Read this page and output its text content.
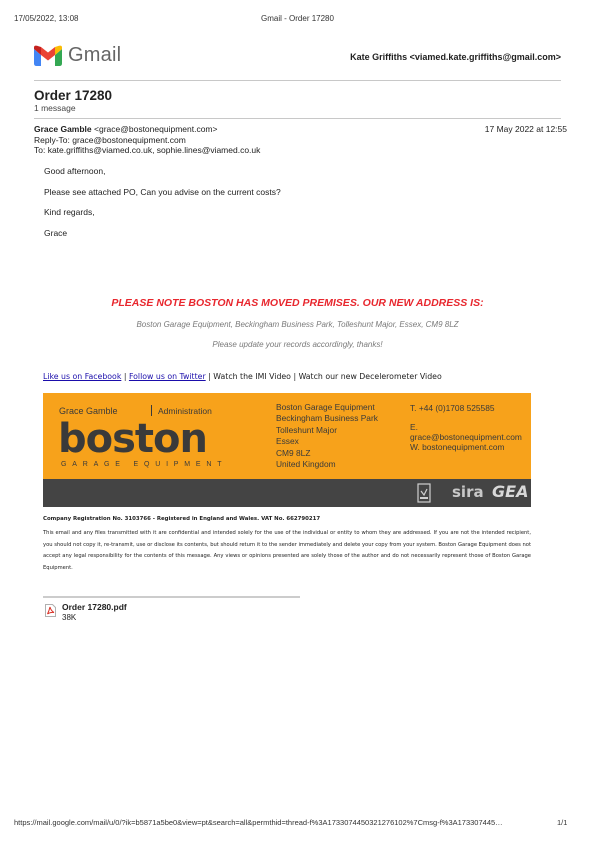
17/05/2022, 13:08	Gmail - Order 17280
Gmail	Kate Griffiths <viamed.kate.griffiths@gmail.com>
Order 17280
1 message
Grace Gamble <grace@bostonequipment.com>	17 May 2022 at 12:55
Reply-To: grace@bostonequipment.com
To: kate.griffiths@viamed.co.uk, sophie.lines@viamed.co.uk
Good afternoon,
Please see attached PO, Can you advise on the current costs?
Kind regards,
Grace
PLEASE NOTE BOSTON HAS MOVED PREMISES. OUR NEW ADDRESS IS:
Boston Garage Equipment, Beckingham Business Park, Tolleshunt Major, Essex, CM9 8LZ
Please update your records accordingly, thanks!
Like us on Facebook | Follow us on Twitter | Watch the IMI Video | Watch our new Decelerometer Video
Grace Gamble	Administration
boston
GARAGE EQUIPMENT
Boston Garage Equipment
Beckingham Business Park
Tolleshunt Major
Essex
CM9 8LZ
United Kingdom
T. +44 (0)1708 525585
E. grace@bostonequipment.com
W. bostonequipment.com
sira GEA
Company Registration No. 3103766 - Registered in England and Wales. VAT No. 662790217
This email and any files transmitted with it are confidential and intended solely for the use of the individual or entity to whom they are addressed. If you are not the intended recipient, you should not copy it, re-transmit, use or disclose its contents, but should return it to the sender immediately and delete your copy from your system. Boston Garage Equipment does not accept any legal responsibility for the contents of this message. Any views or opinions presented are solely those of the author and do not necessarily represent those of Boston Garage Equipment.
Order 17280.pdf
38K
https://mail.google.com/mail/u/0/?ik=b5871a5be0&view=pt&search=all&permthid=thread-f%3A1733074450321276102%7Cmsg-f%3A173307445…	1/1
